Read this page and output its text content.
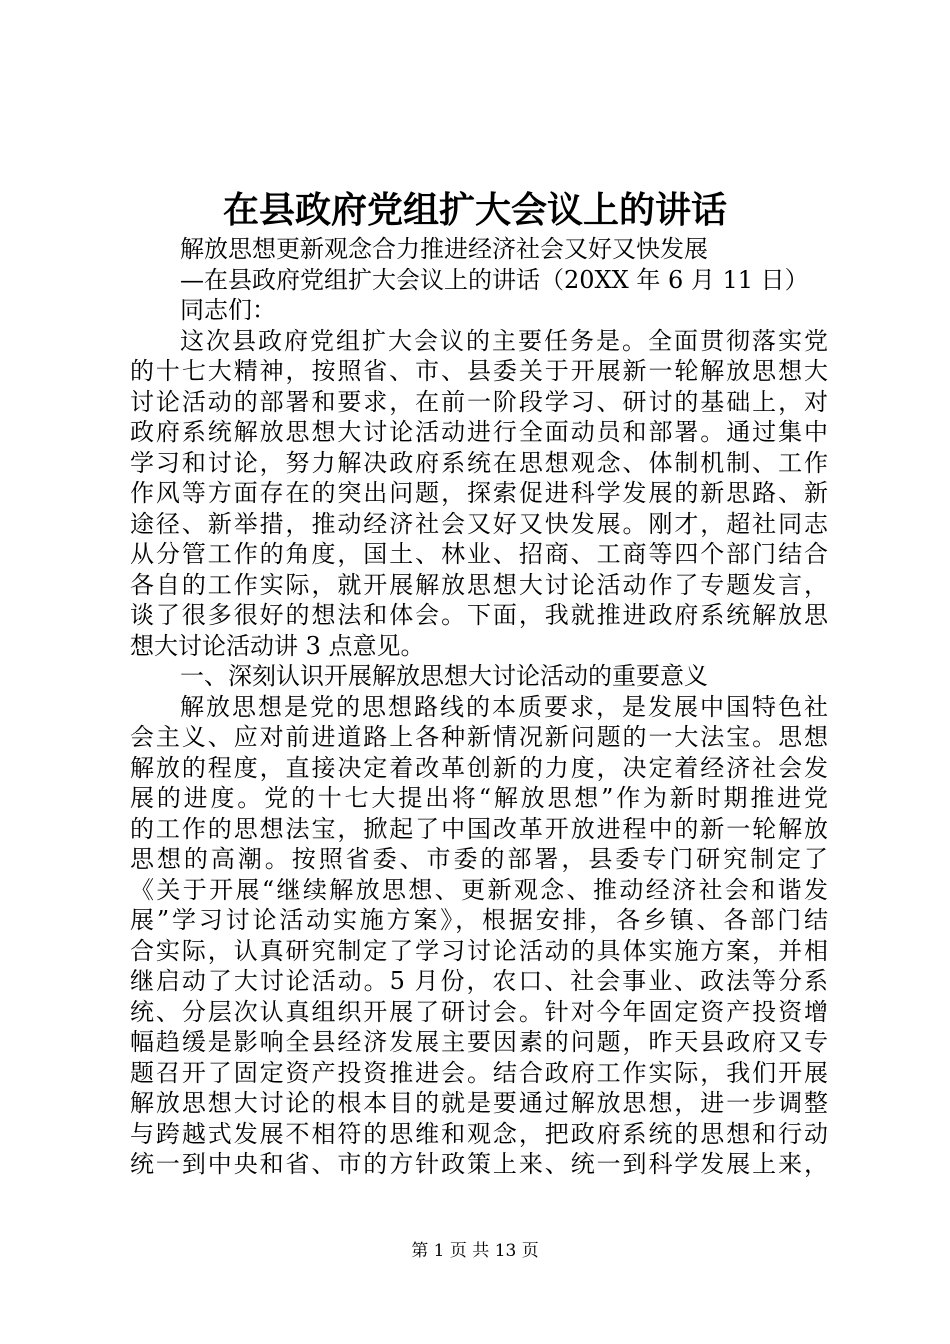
在县政府党组扩大会议上的讲话
解放思想更新观念合力推进经济社会又好又快发展
—在县政府党组扩大会议上的讲话（20XX 年 6 月 11 日）
同志们：
这次县政府党组扩大会议的主要任务是。全面贯彻落实党
的十七大精神，按照省、市、县委关于开展新一轮解放思想大
讨论活动的部署和要求，在前一阶段学习、研讨的基础上，对
政府系统解放思想大讨论活动进行全面动员和部署。通过集中
学习和讨论，努力解决政府系统在思想观念、体制机制、工作
作风等方面存在的突出问题，探索促进科学发展的新思路、新
途径、新举措，推动经济社会又好又快发展。刚才，超社同志
从分管工作的角度，国土、林业、招商、工商等四个部门结合
各自的工作实际，就开展解放思想大讨论活动作了专题发言，
谈了很多很好的想法和体会。下面，我就推进政府系统解放思
想大讨论活动讲 3 点意见。
一、深刻认识开展解放思想大讨论活动的重要意义
解放思想是党的思想路线的本质要求，是发展中国特色社
会主义、应对前进道路上各种新情况新问题的一大法宝。思想
解放的程度，直接决定着改革创新的力度，决定着经济社会发
展的进度。党的十七大提出将“解放思想”作为新时期推进党
的工作的思想法宝，掀起了中国改革开放进程中的新一轮解放
思想的高潮。按照省委、市委的部署，县委专门研究制定了
《关于开展“继续解放思想、更新观念、推动经济社会和谐发
展”学习讨论活动实施方案》，根据安排，各乡镇、各部门结
合实际，认真研究制定了学习讨论活动的具体实施方案，并相
继启动了大讨论活动。5 月份，农口、社会事业、政法等分系
统、分层次认真组织开展了研讨会。针对今年固定资产投资增
幅趋缓是影响全县经济发展主要因素的问题，昨天县政府又专
题召开了固定资产投资推进会。结合政府工作实际，我们开展
解放思想大讨论的根本目的就是要通过解放思想，进一步调整
与跨越式发展不相符的思维和观念，把政府系统的思想和行动
统一到中央和省、市的方针政策上来、统一到科学发展上来，
第 1 页 共 13 页
